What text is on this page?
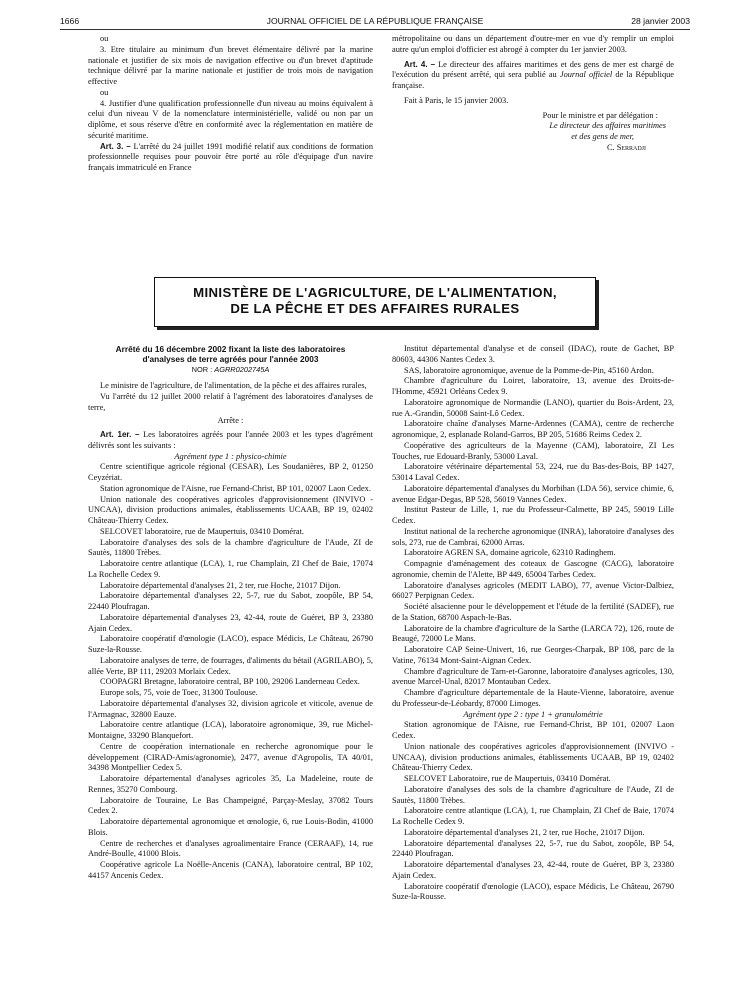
JOURNAL OFFICIEL DE LA RÉPUBLIQUE FRANÇAISE
1666	28 janvier 2003

ou

3. Etre titulaire au minimum d'un brevet élémentaire délivré par la marine nationale et justifier de six mois de navigation effective ou d'un brevet d'aptitude technique délivré par la marine nationale et justifier de trois mois de navigation effective

ou

4. Justifier d'une qualification professionnelle d'un niveau au moins équivalent à celui d'un niveau V de la nomenclature interministérielle, validé ou non par un diplôme, et sous réserve d'être en conformité avec la réglementation en matière de sécurité maritime.

Art. 3. – L'arrêté du 24 juillet 1991 modifié relatif aux conditions de formation professionnelle requises pour pouvoir être porté au rôle d'équipage d'un navire français immatriculé en France

métropolitaine ou dans un département d'outre-mer en vue d'y remplir un emploi autre qu'un emploi d'officier est abrogé à compter du 1er janvier 2003.

Art. 4. – Le directeur des affaires maritimes et des gens de mer est chargé de l'exécution du présent arrêté, qui sera publié au Journal officiel de la République française.

Fait à Paris, le 15 janvier 2003.

Pour le ministre et par délégation :

Le directeur des affaires maritimes

et des gens de mer,

C. Serradji

MINISTÈRE DE L'AGRICULTURE, DE L'ALIMENTATION,
DE LA PÊCHE ET DES AFFAIRES RURALES
Arrêté du 16 décembre 2002 fixant la liste des laboratoires
d'analyses de terre agréés pour l'année 2003
NOR : AGRR0202745A

Le ministre de l'agriculture, de l'alimentation, de la pêche et des affaires rurales,

Vu l'arrêté du 12 juillet 2000 relatif à l'agrément des laboratoires d'analyses de terre,

Arrête :

Art. 1er. – Les laboratoires agréés pour l'année 2003 et les types d'agrément délivrés sont les suivants :

Agrément type 1 : physico-chimie

Centre scientifique agricole régional (CESAR), Les Soudanières, BP 2, 01250 Ceyzériat.

Station agronomique de l'Aisne, rue Fernand-Christ, BP 101, 02007 Laon Cedex.

Union nationale des coopératives agricoles d'approvisionnement (INVIVO - UNCAA), division productions animales, établissements UCAAB, BP 19, 02402 Château-Thierry Cedex.

SELCOVET laboratoire, rue de Maupertuis, 03410 Domérat.

Laboratoire d'analyses des sols de la chambre d'agriculture de l'Aude, ZI de Sautès, 11800 Trèbes.

Laboratoire centre atlantique (LCA), 1, rue Champlain, ZI Chef de Baie, 17074 La Rochelle Cedex 9.

Laboratoire départemental d'analyses 21, 2 ter, rue Hoche, 21017 Dijon.

Laboratoire départemental d'analyses 22, 5-7, rue du Sabot, zoopôle, BP 54, 22440 Ploufragan.

Laboratoire départemental d'analyses 23, 42-44, route de Guéret, BP 3, 23380 Ajain Cedex.

Laboratoire coopératif d'œnologie (LACO), espace Médicis, Le Château, 26790 Suze-la-Rousse.

Laboratoire analyses de terre, de fourrages, d'aliments du bétail (AGRILABO), 5, allée Verte, BP 111, 29203 Morlaix Cedex.

COOPAGRI Bretagne, laboratoire central, BP 100, 29206 Landerneau Cedex.

Europe sols, 75, voie de Toec, 31300 Toulouse.

Laboratoire départemental d'analyses 32, division agricole et viticole, avenue de l'Armagnac, 32800 Eauze.

Laboratoire centre atlantique (LCA), laboratoire agronomique, 39, rue Michel-Montaigne, 33290 Blanquefort.

Centre de coopération internationale en recherche agronomique pour le développement (CIRAD-Amis/agronomie), 2477, avenue d'Agropolis, TA 40/01, 34398 Montpellier Cedex 5.

Laboratoire départemental d'analyses agricoles 35, La Madeleine, route de Rennes, 35270 Combourg.

Laboratoire de Touraine, Le Bas Champeigné, Parçay-Meslay, 37082 Tours Cedex 2.

Laboratoire départemental agronomique et œnologie, 6, rue Louis-Bodin, 41000 Blois.

Centre de recherches et d'analyses agroalimentaire France (CERAAF), 14, rue André-Boulle, 41000 Blois.

Coopérative agricole La Noëlle-Ancenis (CANA), laboratoire central, BP 102, 44157 Ancenis Cedex.

Institut départemental d'analyse et de conseil (IDAC), route de Gachet, BP 80603, 44306 Nantes Cedex 3.

SAS, laboratoire agronomique, avenue de la Pomme-de-Pin, 45160 Ardon.

Chambre d'agriculture du Loiret, laboratoire, 13, avenue des Droits-de-l'Homme, 45921 Orléans Cedex 9.

Laboratoire agronomique de Normandie (LANO), quartier du Bois-Ardent, 23, rue A.-Grandin, 50008 Saint-Lô Cedex.

Laboratoire chaîne d'analyses Marne-Ardennes (CAMA), centre de recherche agronomique, 2, esplanade Roland-Garros, BP 205, 51686 Reims Cedex 2.

Coopérative des agriculteurs de la Mayenne (CAM), laboratoire, ZI Les Touches, rue Edouard-Branly, 53000 Laval.

Laboratoire vétérinaire départemental 53, 224, rue du Bas-des-Bois, BP 1427, 53014 Laval Cedex.

Laboratoire départemental d'analyses du Morbihan (LDA 56), service chimie, 6, avenue Edgar-Degas, BP 528, 56019 Vannes Cedex.

Institut Pasteur de Lille, 1, rue du Professeur-Calmette, BP 245, 59019 Lille Cedex.

Institut national de la recherche agronomique (INRA), laboratoire d'analyses des sols, 273, rue de Cambrai, 62000 Arras.

Laboratoire AGREN SA, domaine agricole, 62310 Radinghem.

Compagnie d'aménagement des coteaux de Gascogne (CACG), laboratoire agronomie, chemin de l'Alette, BP 449, 65004 Tarbes Cedex.

Laboratoire d'analyses agricoles (MEDIT LABO), 77, avenue Victor-Dalbiez, 66027 Perpignan Cedex.

Société alsacienne pour le développement et l'étude de la fertilité (SADEF), rue de la Station, 68700 Aspach-le-Bas.

Laboratoire de la chambre d'agriculture de la Sarthe (LARCA 72), 126, route de Beaugé, 72000 Le Mans.

Laboratoire CAP Seine-Univert, 16, rue Georges-Charpak, BP 108, parc de la Vatine, 76134 Mont-Saint-Aignan Cedex.

Chambre d'agriculture de Tarn-et-Garonne, laboratoire d'analyses agricoles, 130, avenue Marcel-Unal, 82017 Montauban Cedex.

Chambre d'agriculture départementale de la Haute-Vienne, laboratoire, avenue du Professeur-de-Léobardy, 87000 Limoges.

Agrément type 2 : type 1 + granulométrie

Station agronomique de l'Aisne, rue Fernand-Christ, BP 101, 02007 Laon Cedex.

Union nationale des coopératives agricoles d'approvisionnement (INVIVO - UNCAA), division productions animales, établissements UCAAB, BP 19, 02402 Château-Thierry Cedex.

SELCOVET Laboratoire, rue de Maupertuis, 03410 Domérat.

Laboratoire d'analyses des sols de la chambre d'agriculture de l'Aude, ZI de Sautès, 11800 Trèbes.

Laboratoire centre atlantique (LCA), 1, rue Champlain, ZI Chef de Baie, 17074 La Rochelle Cedex 9.

Laboratoire départemental d'analyses 21, 2 ter, rue Hoche, 21017 Dijon.

Laboratoire départemental d'analyses 22, 5-7, rue du Sabot, zoopôle, BP 54, 22440 Ploufragan.

Laboratoire départemental d'analyses 23, 42-44, route de Guéret, BP 3, 23380 Ajain Cedex.

Laboratoire coopératif d'œnologie (LACO), espace Médicis, Le Château, 26790 Suze-la-Rousse.
